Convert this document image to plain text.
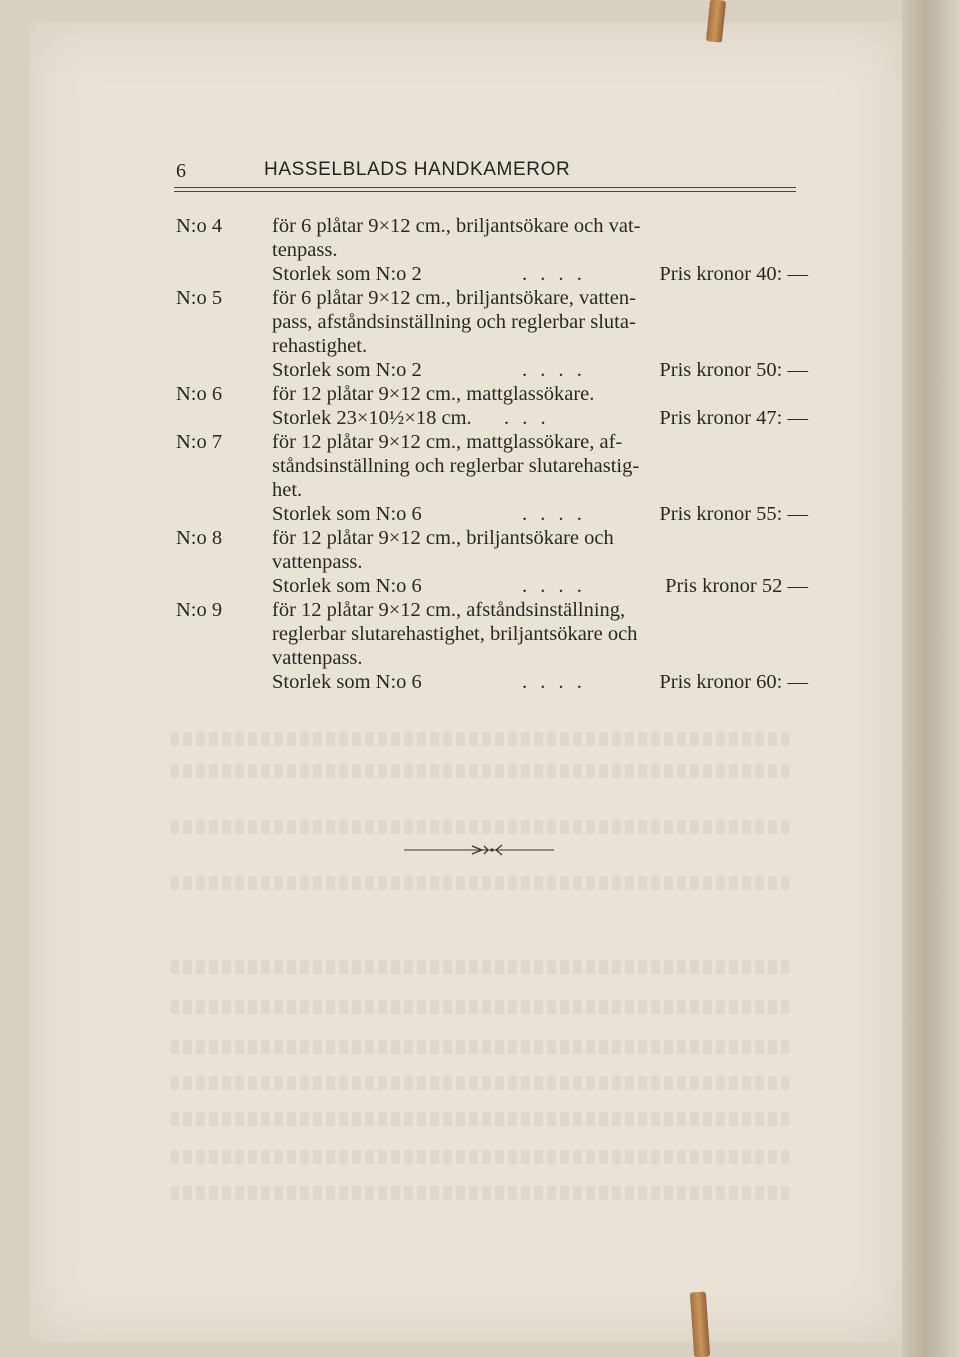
6	HASSELBLADS HANDKAMEROR
N:o 4	för 6 plåtar 9×12 cm., briljantsökare och vat-
tenpass.
Storlek som N:o 2	. . . .	Pris kronor 40: —
N:o 5	för 6 plåtar 9×12 cm., briljantsökare, vatten-
pass, afståndsinställning och reglerbar sluta-
rehastighet.
Storlek som N:o 2	. . . .	Pris kronor 50: —
N:o 6	för 12 plåtar 9×12 cm., mattglassökare.
Storlek 23×10½×18 cm. . . .	Pris kronor 47: —
N:o 7	för 12 plåtar 9×12 cm., mattglassökare, af-
ståndsinställning och reglerbar slutarehastig-
het.
Storlek som N:o 6	. . . .	Pris kronor 55: —
N:o 8	för 12 plåtar 9×12 cm., briljantsökare och
vattenpass.
Storlek som N:o 6	. . . .	Pris kronor 52 —
N:o 9	för 12 plåtar 9×12 cm., afståndsinställning,
reglerbar slutarehastighet, briljantsökare och
vattenpass.
Storlek som N:o 6	. . . .	Pris kronor 60: —
